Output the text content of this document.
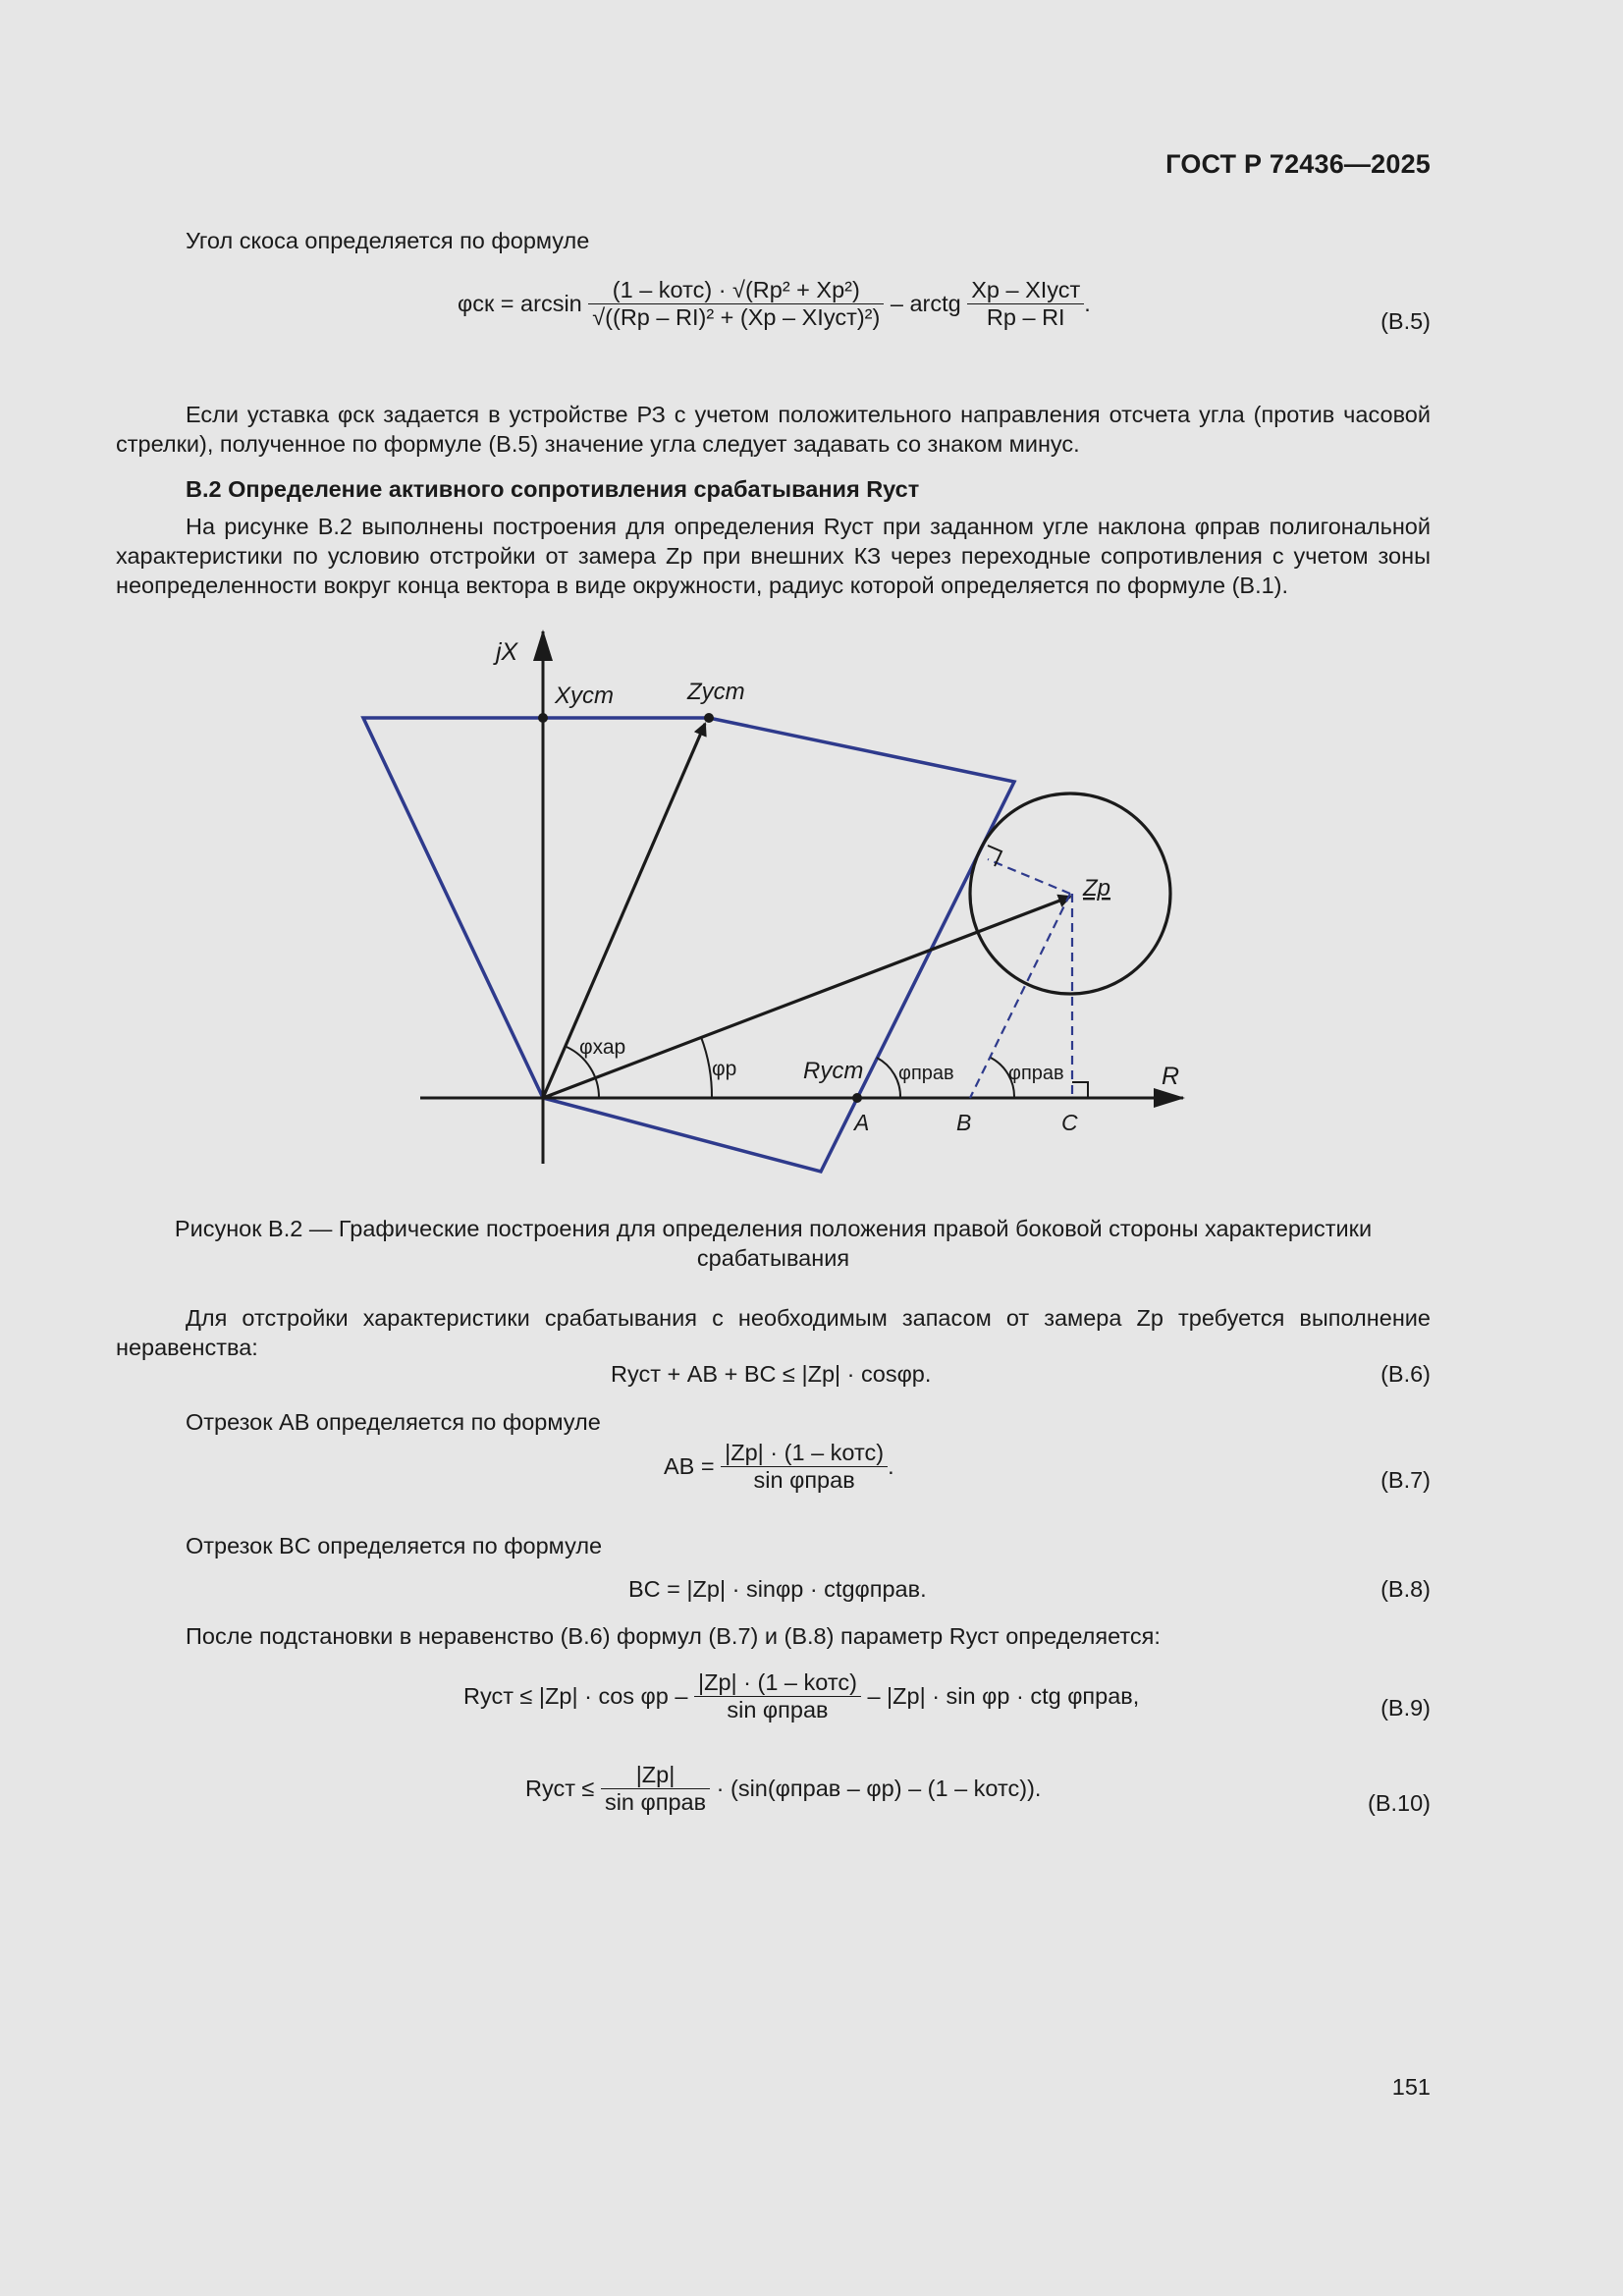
ГОСТ Р 72436—2025
Угол скоса определяется по формуле
$\varphi ск = \arcsin \frac{\text{(1 – kотс) · √(Rр² + Xр²)}}{\text{√((Rр – RI)² + (Xр – XIуст)²)}}$ – arctg $\frac{\text{Xр – XIуст}}{Rр - RI}$ .
(В.5)
Если уставка φск задается в устройстве РЗ с учетом положительного направления отсчета угла (против часовой стрелки), полученное по формуле (В.5) значение угла следует задавать со знаком минус.
В.2 Определение активного сопротивления срабатывания Rуст
На рисунке В.2 выполнены построения для определения Rуст при заданном угле наклона φправ полигональной характеристики по условию отстройки от замера Zр при внешних КЗ через переходные сопротивления с учетом зоны неопределенности вокруг конца вектора в виде окружности, радиус которой определяется по формуле (В.1).
jX
R
Xуст	Zуст
Zр
Rуст
φхар
φр	φправ	φправ
A	B	C
Рисунок В.2 — Графические построения для определения положения правой боковой стороны характеристики срабатывания
Для отстройки характеристики срабатывания с необходимым запасом от замера Zр требуется выполнение неравенства:
Rуст + AB + BC ≤ |Zр| · cosφр.	(В.6)
Отрезок AB определяется по формуле
AB = $\frac{\text{|Zр| · (1 – kотс)}}{\text{sin φправ}}$ .
(В.7)
Отрезок BC определяется по формуле
BC = |Zр| · sinφр · ctgφправ.	(В.8)
После подстановки в неравенство (В.6) формул (В.7) и (В.8) параметр Rуст определяется:
Rуст ≤ $|Zр| \cdot \cos \varphi р - \frac{\text{|Zр| · (1 – kотс)}}{\text{sin φправ}} - |Zр| \cdot \sin \varphi р$ · ctg φправ,	(В.9)
Rуст ≤ $\frac{|Zр|}{\text{sin φправ}}$ · (sin(φправ – φр) – (1 – kотс)).
(В.10)
151
